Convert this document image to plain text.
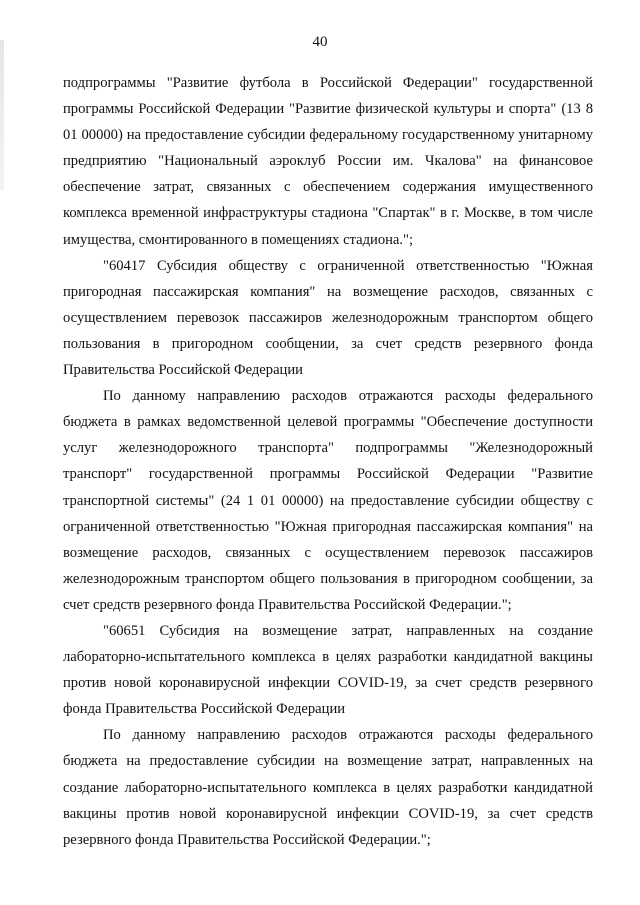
40

подпрограммы "Развитие футбола в Российской Федерации" государственной программы Российской Федерации "Развитие физической культуры и спорта" (13 8 01 00000) на предоставление субсидии федеральному государственному унитарному предприятию "Национальный аэроклуб России им. Чкалова" на финансовое обеспечение затрат, связанных с обеспечением содержания имущественного комплекса временной инфраструктуры стадиона "Спартак" в г. Москве, в том числе имущества, смонтированного в помещениях стадиона.";

"60417 Субсидия обществу с ограниченной ответственностью "Южная пригородная пассажирская компания" на возмещение расходов, связанных с осуществлением перевозок пассажиров железнодорожным транспортом общего пользования в пригородном сообщении, за счет средств резервного фонда Правительства Российской Федерации

По данному направлению расходов отражаются расходы федерального бюджета в рамках ведомственной целевой программы "Обеспечение доступности услуг железнодорожного транспорта" подпрограммы "Железнодорожный транспорт" государственной программы Российской Федерации "Развитие транспортной системы" (24 1 01 00000) на предоставление субсидии обществу с ограниченной ответственностью "Южная пригородная пассажирская компания" на возмещение расходов, связанных с осуществлением перевозок пассажиров железнодорожным транспортом общего пользования в пригородном сообщении, за счет средств резервного фонда Правительства Российской Федерации.";

"60651 Субсидия на возмещение затрат, направленных на создание лабораторно-испытательного комплекса в целях разработки кандидатной вакцины против новой коронавирусной инфекции COVID-19, за счет средств резервного фонда Правительства Российской Федерации

По данному направлению расходов отражаются расходы федерального бюджета на предоставление субсидии на возмещение затрат, направленных на создание лабораторно-испытательного комплекса в целях разработки кандидатной вакцины против новой коронавирусной инфекции COVID-19, за счет средств резервного фонда Правительства Российской Федерации.";
